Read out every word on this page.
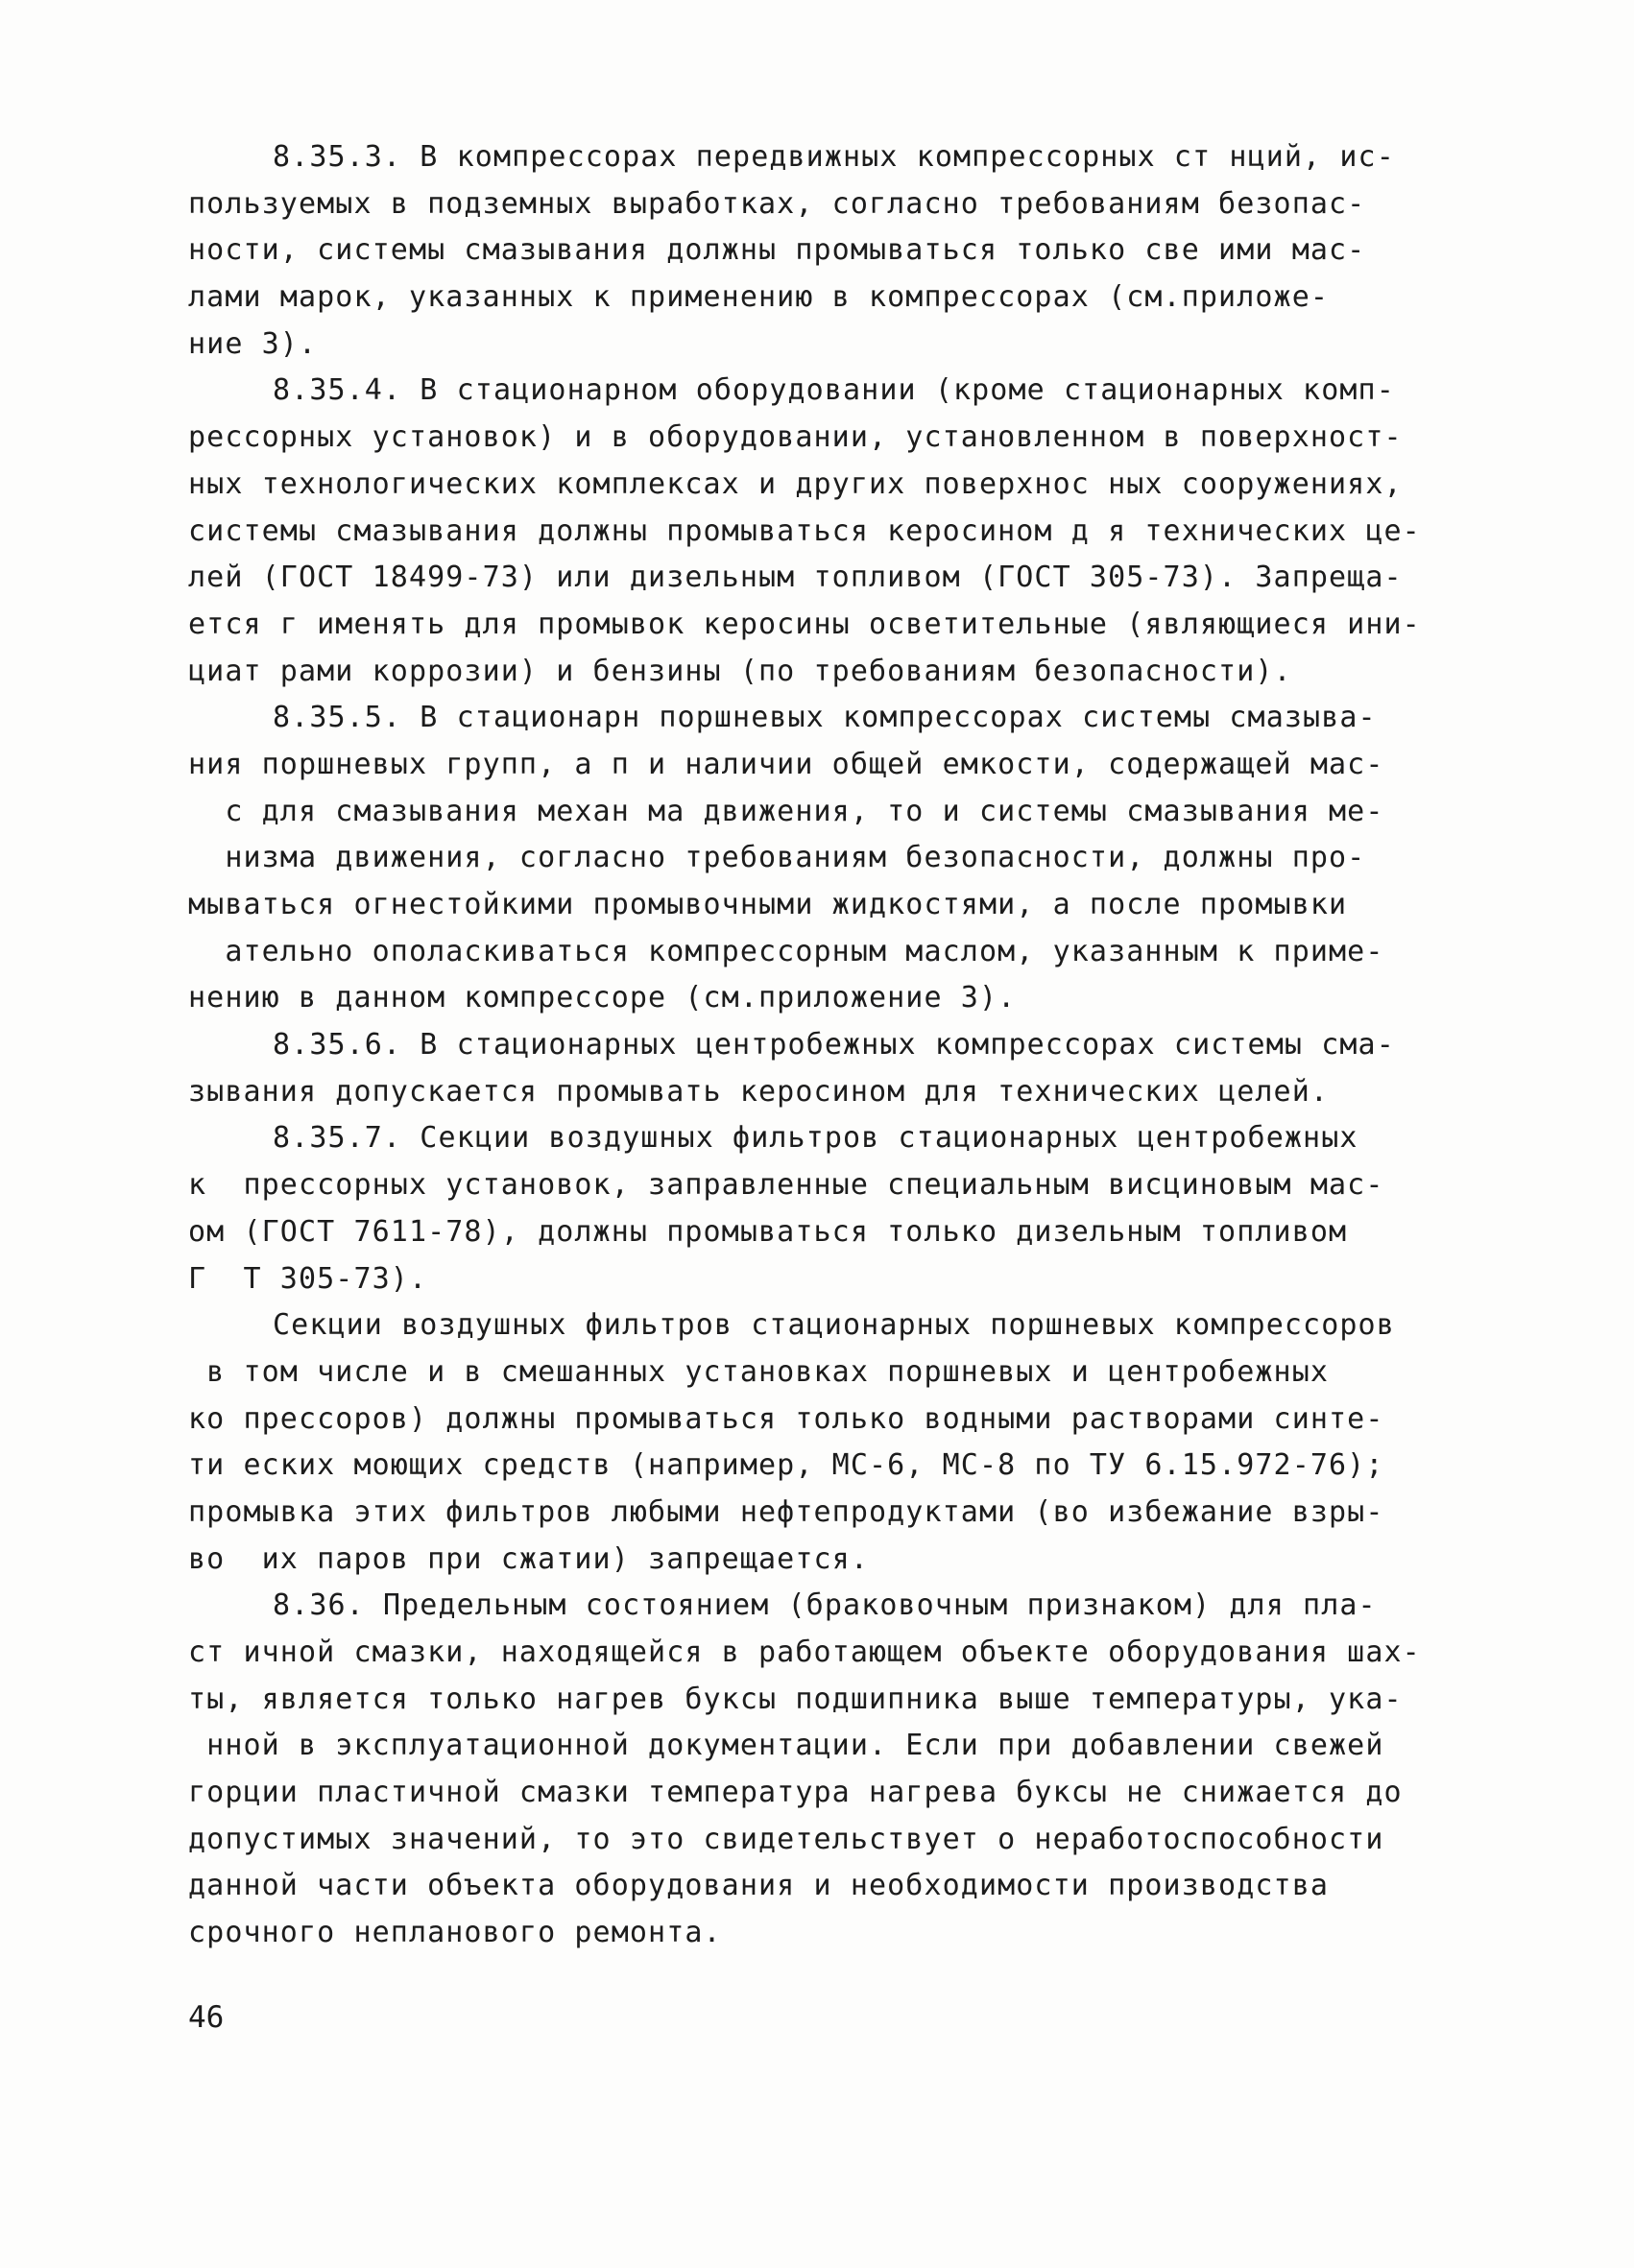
8.35.3. В компрессорах передвижных компрессорных ст нций, ис-
пользуемых в подземных выработках, согласно требованиям безопас-
ности, системы смазывания должны промываться только све ими мас-
лами марок, указанных к применению в компрессорах (см.приложе-
ние 3).
8.35.4. В стационарном оборудовании (кроме стационарных комп-
рессорных установок) и в оборудовании, установленном в поверхност-
ных технологических комплексах и других поверхнос ных сооружениях,
системы смазывания должны промываться керосином д я технических це-
лей (ГОСТ 18499-73) или дизельным топливом (ГОСТ 305-73). Запреща-
ется г именять для промывок керосины осветительные (являющиеся ини-
циат рами коррозии) и бензины (по требованиям безопасности).
8.35.5. В стационарн поршневых компрессорах системы смазыва-
ния поршневых групп, а п и наличии общей емкости, содержащей мас-
с для смазывания механ ма движения, то и системы смазывания ме-
низма движения, согласно требованиям безопасности, должны про-
мываться огнестойкими промывочными жидкостями, а после промывки
ательно ополаскиваться компрессорным маслом, указанным к приме-
нению в данном компрессоре (см.приложение 3).
8.35.6. В стационарных центробежных компрессорах системы сма-
зывания допускается промывать керосином для технических целей.
8.35.7. Секции воздушных фильтров стационарных центробежных
к  прессорных установок, заправленные специальным висциновым мас-
ом (ГОСТ 7611-78), должны промываться только дизельным топливом
Г  Т 305-73).
Секции воздушных фильтров стационарных поршневых компрессоров
в том числе и в смешанных установках поршневых и центробежных
ко прессоров) должны промываться только водными растворами синте-
ти еских моющих средств (например, МС-6, МС-8 по ТУ 6.15.972-76);
промывка этих фильтров любыми нефтепродуктами (во избежание взры-
во  их паров при сжатии) запрещается.
8.36. Предельным состоянием (браковочным признаком) для пла-
ст ичной смазки, находящейся в работающем объекте оборудования шах-
ты, является только нагрев буксы подшипника выше температуры, ука-
нной в эксплуатационной документации. Если при добавлении свежей
горции пластичной смазки температура нагрева буксы не снижается до
допустимых значений, то это свидетельствует о неработоспособности
данной части объекта оборудования и необходимости производства
срочного непланового ремонта.
46
